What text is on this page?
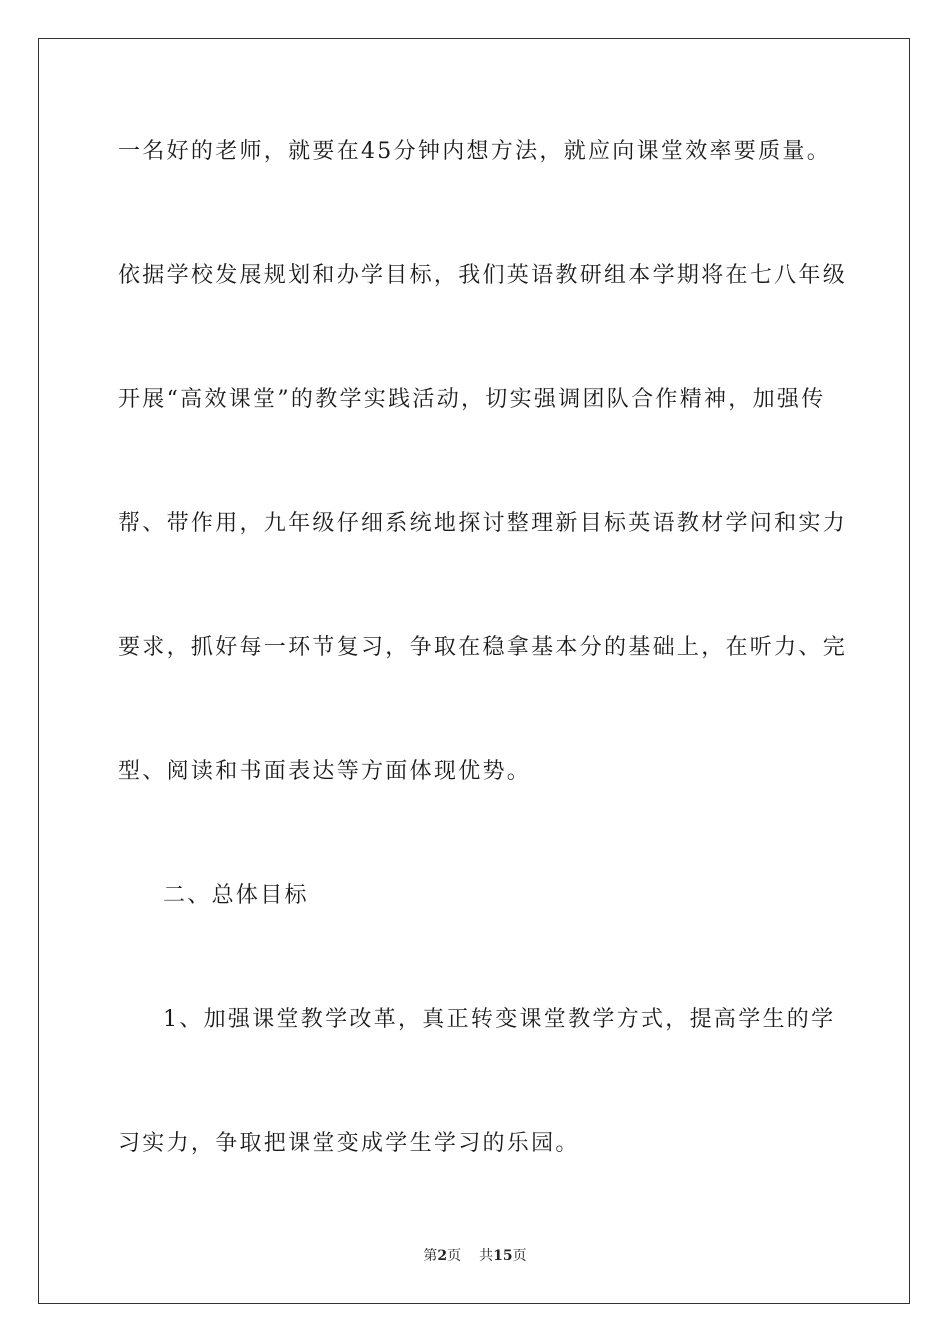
一名好的老师，就要在45分钟内想方法，就应向课堂效率要质量。
依据学校发展规划和办学目标，我们英语教研组本学期将在七八年级
开展“高效课堂”的教学实践活动，切实强调团队合作精神，加强传
帮、带作用，九年级仔细系统地探讨整理新目标英语教材学问和实力
要求，抓好每一环节复习，争取在稳拿基本分的基础上，在听力、完
型、阅读和书面表达等方面体现优势。
二、总体目标
1、加强课堂教学改革，真正转变课堂教学方式，提高学生的学
习实力，争取把课堂变成学生学习的乐园。
第2页 共15页
